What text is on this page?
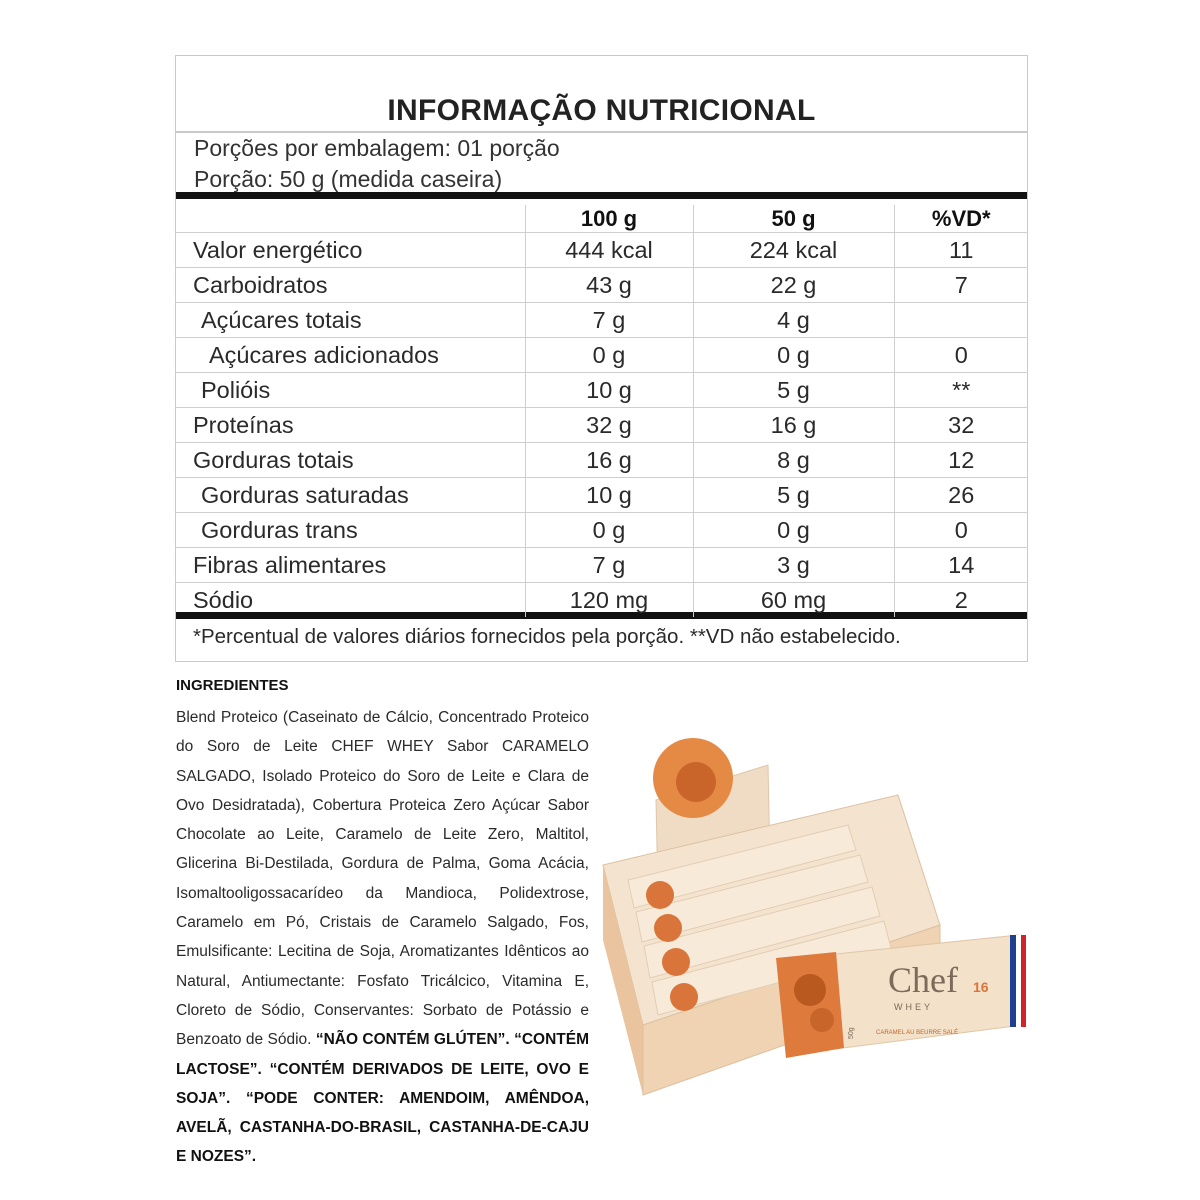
INFORMAÇÃO NUTRICIONAL
Porções por embalagem: 01 porção
Porção: 50 g (medida caseira)
*Percentual de valores diários fornecidos pela porção. **VD não estabelecido.
	100 g	50 g	%VD*
Valor energético	444 kcal	224 kcal	11
Carboidratos	43 g	22 g	7
Açúcares totais	7 g	4 g	
Açúcares adicionados	0 g	0 g	0
Polióis	10 g	5 g	**
Proteínas	32 g	16 g	32
Gorduras totais	16 g	8 g	12
Gorduras saturadas	10 g	5 g	26
Gorduras trans	0 g	0 g	0
Fibras alimentares	7 g	3 g	14
Sódio	120 mg	60 mg	2
INGREDIENTES
Blend Proteico (Caseinato de Cálcio, Concentrado Proteico do Soro de Leite CHEF WHEY Sabor CARAMELO SALGADO, Isolado Proteico do Soro de Leite e Clara de Ovo Desidratada), Cobertura Proteica Zero Açúcar Sabor Chocolate ao Leite, Caramelo de Leite Zero, Maltitol, Glicerina Bi-Destilada, Gordura de Palma, Goma Acácia, Isomaltooligossacarídeo da Mandioca, Polidextrose, Caramelo em Pó, Cristais de Caramelo Salgado, Fos, Emulsificante: Lecitina de Soja, Aromatizantes Idênticos ao Natural, Antiumectante: Fosfato Tricálcico, Vitamina E, Cloreto de Sódio, Conservantes: Sorbato de Potássio e Benzoato de Sódio. “NÃO CONTÉM GLÚTEN”. “CONTÉM LACTOSE”. “CONTÉM DERIVADOS DE LEITE, OVO E SOJA”. “PODE CONTER: AMENDOIM, AMÊNDOA, AVELÃ, CASTANHA-DO-BRASIL, CASTANHA-DE-CAJU E NOZES”.
Chef
WHEY
16
CARAMEL AU BEURRE SALÉ
50g
